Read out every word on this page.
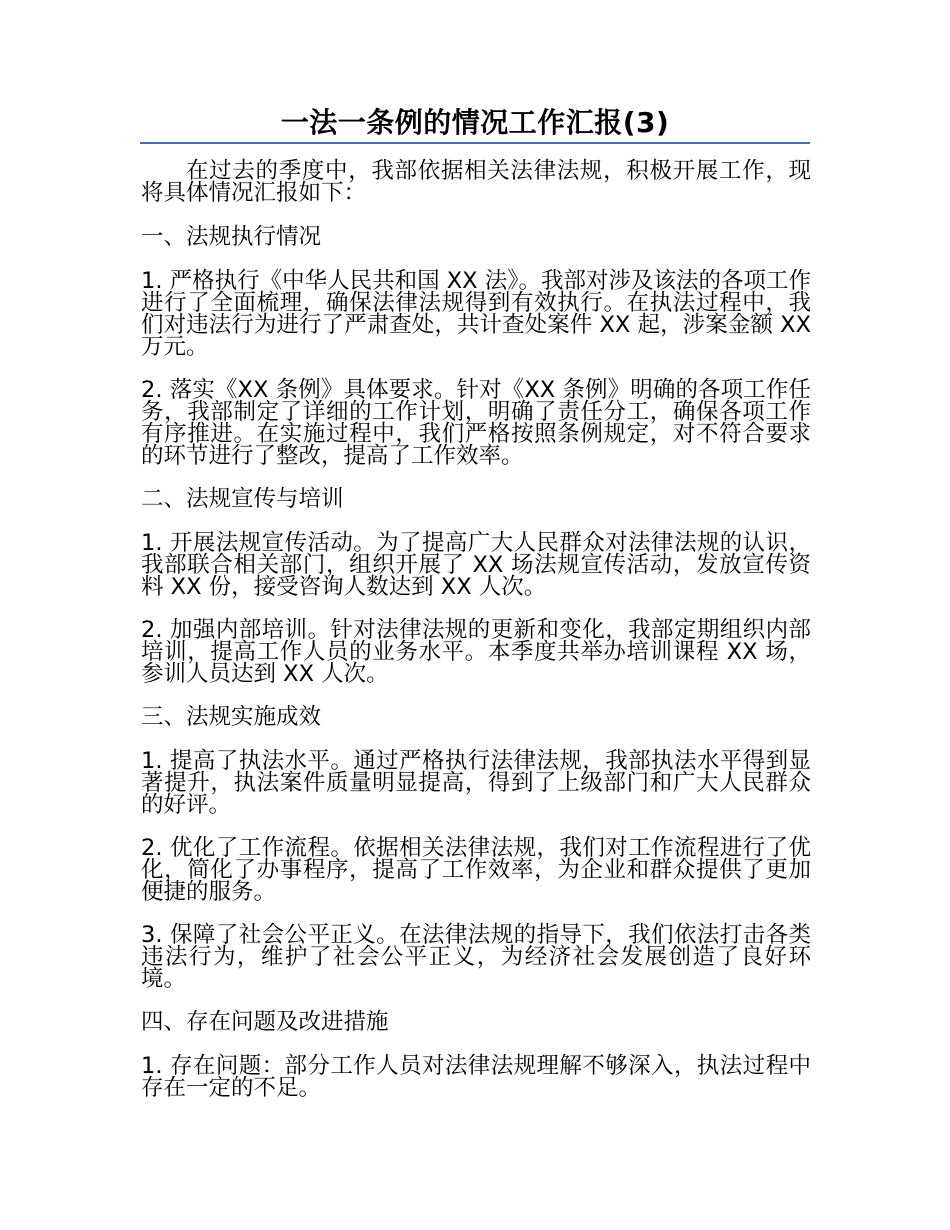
一法一条例的情况工作汇报(3)

在过去的季度中，我部依据相关法律法规，积极开展工作，现将具体情况汇报如下：

一、法规执行情况

1. 严格执行《中华人民共和国 XX 法》。我部对涉及该法的各项工作进行了全面梳理，确保法律法规得到有效执行。在执法过程中，我们对违法行为进行了严肃查处，共计查处案件 XX 起，涉案金额 XX 万元。

2. 落实《XX 条例》具体要求。针对《XX 条例》明确的各项工作任务，我部制定了详细的工作计划，明确了责任分工，确保各项工作有序推进。在实施过程中，我们严格按照条例规定，对不符合要求的环节进行了整改，提高了工作效率。

二、法规宣传与培训

1. 开展法规宣传活动。为了提高广大人民群众对法律法规的认识，我部联合相关部门，组织开展了 XX 场法规宣传活动，发放宣传资料 XX 份，接受咨询人数达到 XX 人次。

2. 加强内部培训。针对法律法规的更新和变化，我部定期组织内部培训，提高工作人员的业务水平。本季度共举办培训课程 XX 场，参训人员达到 XX 人次。

三、法规实施成效

1. 提高了执法水平。通过严格执行法律法规，我部执法水平得到显著提升，执法案件质量明显提高，得到了上级部门和广大人民群众的好评。

2. 优化了工作流程。依据相关法律法规，我们对工作流程进行了优化，简化了办事程序，提高了工作效率，为企业和群众提供了更加便捷的服务。

3. 保障了社会公平正义。在法律法规的指导下，我们依法打击各类违法行为，维护了社会公平正义，为经济社会发展创造了良好环境。

四、存在问题及改进措施

1. 存在问题：部分工作人员对法律法规理解不够深入，执法过程中存在一定的不足。
